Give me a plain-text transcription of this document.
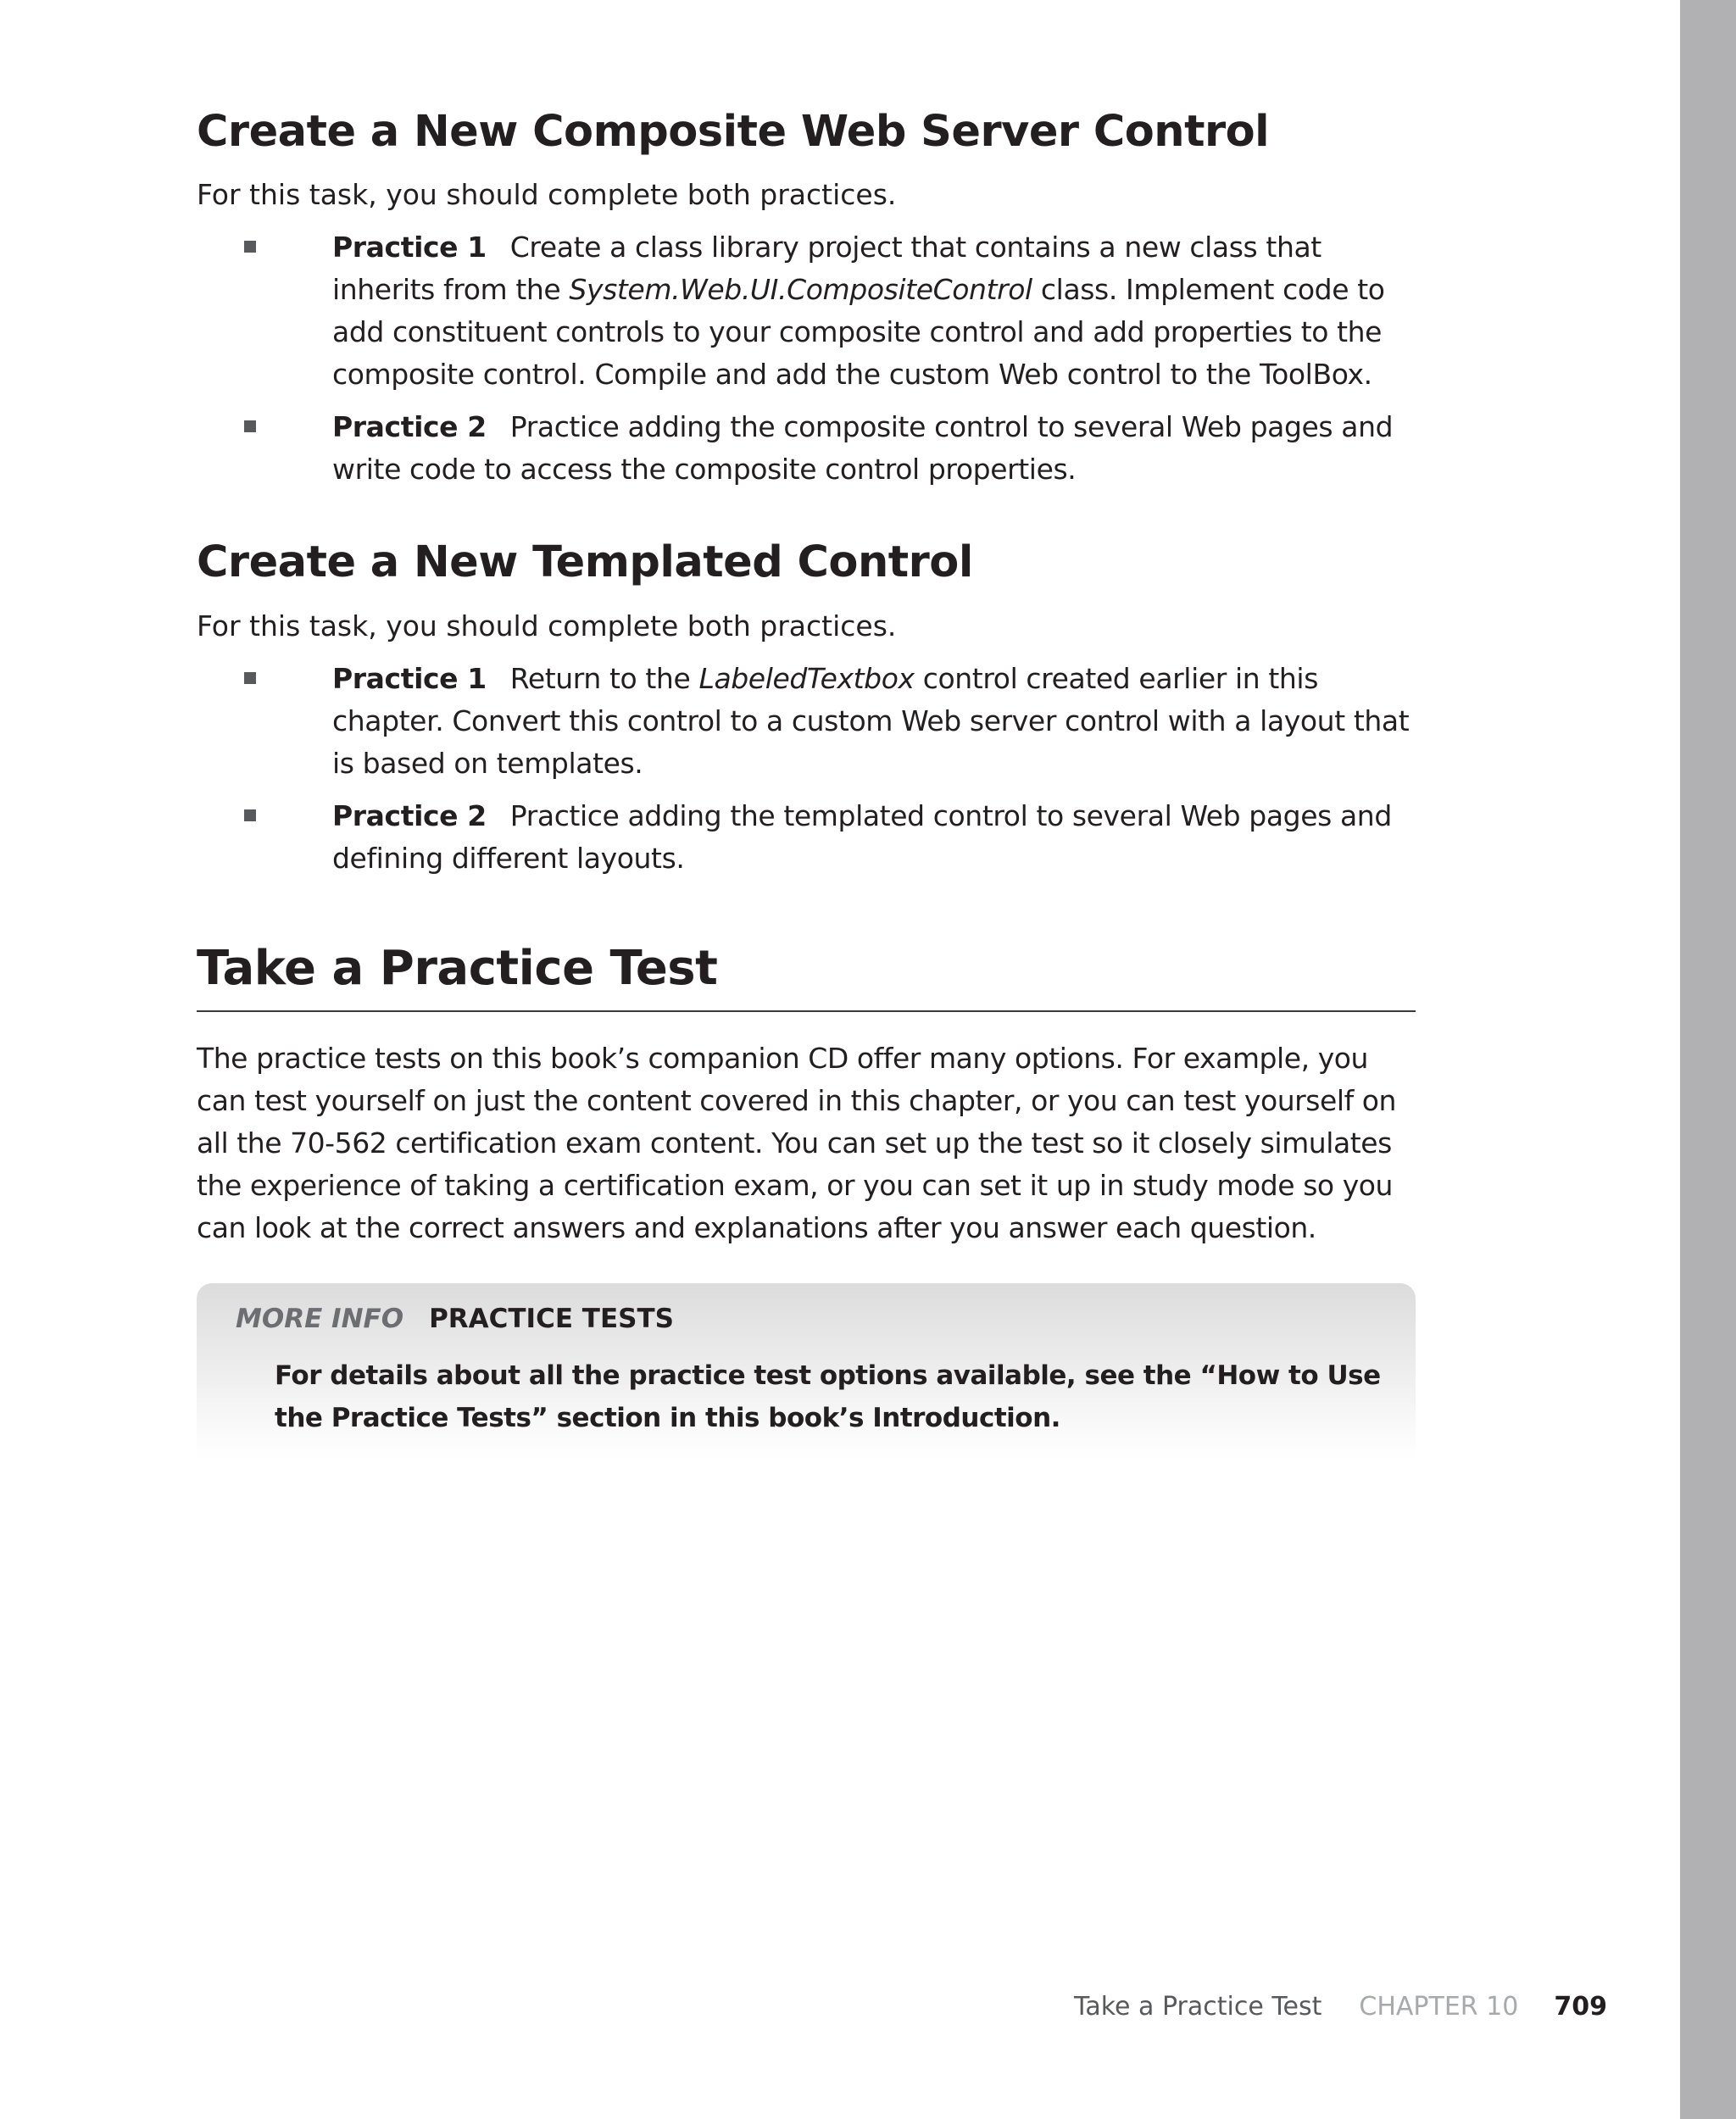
Create a New Composite Web Server Control

For this task, you should complete both practices.

Practice 1 Create a class library project that contains a new class that inherits from the System.Web.UI.CompositeControl class. Implement code to add constituent controls to your composite control and add properties to the composite control. Compile and add the custom Web control to the ToolBox.

Practice 2 Practice adding the composite control to several Web pages and write code to access the composite control properties.

Create a New Templated Control

For this task, you should complete both practices.

Practice 1 Return to the LabeledTextbox control created earlier in this chapter. Convert this control to a custom Web server control with a layout that is based on templates.

Practice 2 Practice adding the templated control to several Web pages and defining different layouts.

Take a Practice Test

The practice tests on this book’s companion CD offer many options. For example, you can test yourself on just the content covered in this chapter, or you can test yourself on all the 70-562 certification exam content. You can set up the test so it closely simulates the experience of taking a certification exam, or you can set it up in study mode so you can look at the correct answers and explanations after you answer each question.

MORE INFO PRACTICE TESTS

For details about all the practice test options available, see the “How to Use the Practice Tests” section in this book’s Introduction.

Take a Practice Test CHAPTER 10 709
